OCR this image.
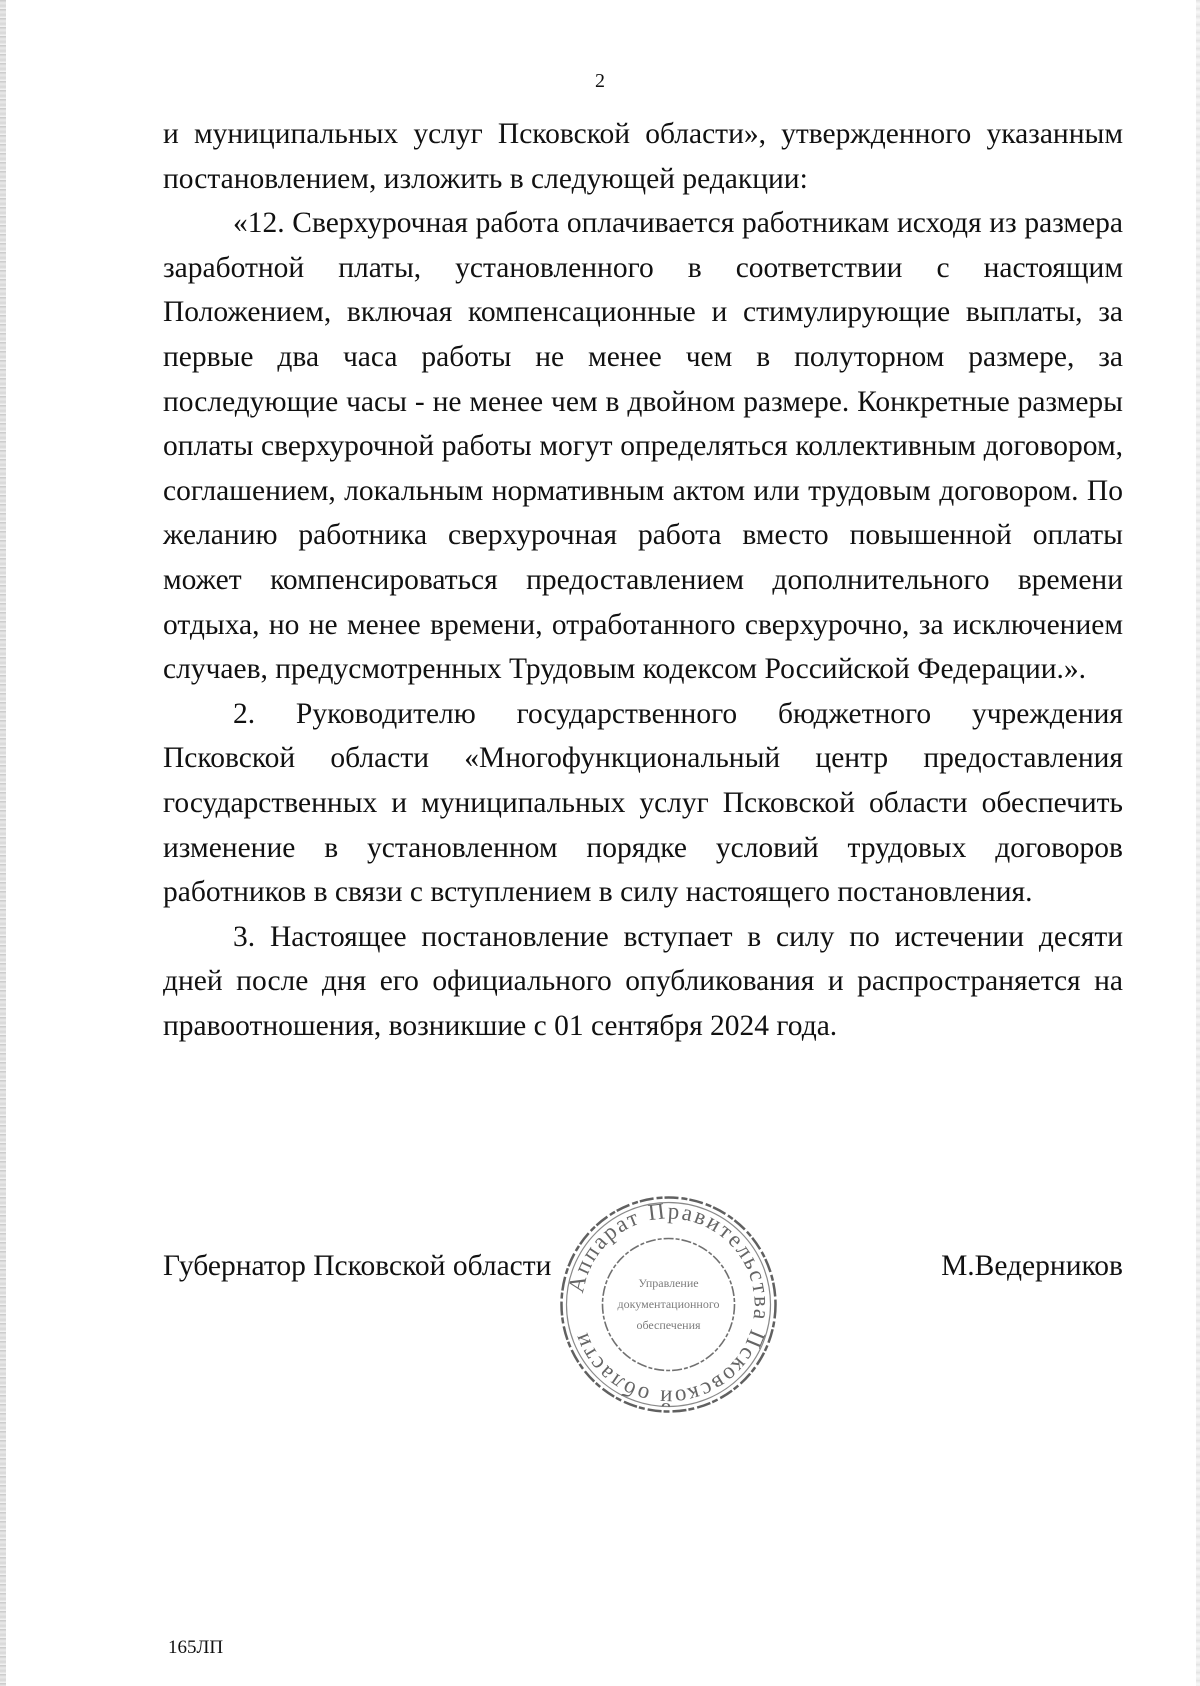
2

и муниципальных услуг Псковской области», утвержденного указанным постановлением, изложить в следующей редакции:

«12. Сверхурочная работа оплачивается работникам исходя из размера заработной платы, установленного в соответствии с настоящим Положением, включая компенсационные и стимулирующие выплаты, за первые два часа работы не менее чем в полуторном размере, за последующие часы - не менее чем в двойном размере. Конкретные размеры оплаты сверхурочной работы могут определяться коллективным договором, соглашением, локальным нормативным актом или трудовым договором. По желанию работника сверхурочная работа вместо повышенной оплаты может компенсироваться предоставлением дополнительного времени отдыха, но не менее времени, отработанного сверхурочно, за исключением случаев, предусмотренных Трудовым кодексом Российской Федерации.».

2. Руководителю государственного бюджетного учреждения Псковской области «Многофункциональный центр предоставления государственных и муниципальных услуг Псковской области обеспечить изменение в установленном порядке условий трудовых договоров работников в связи с вступлением в силу настоящего постановления.

3. Настоящее постановление вступает в силу по истечении десяти дней после дня его официального опубликования и распространяется на правоотношения, возникшие с 01 сентября 2024 года.

Губернатор Псковской области	М.Ведерников
Аппарат Правительства Псковской области
Управление
документационного
обеспечения
165ЛП
